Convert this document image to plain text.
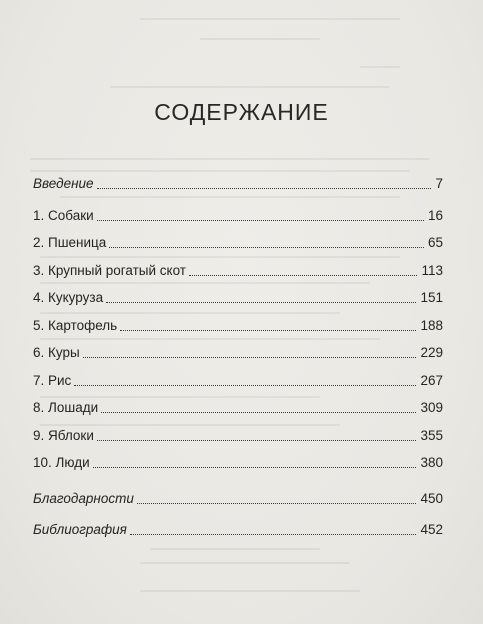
СОДЕРЖАНИЕ
Введение	7
1. Собаки	16
2. Пшеница	65
3. Крупный рогатый скот	113
4. Кукуруза	151
5. Картофель	188
6. Куры	229
7. Рис	267
8. Лошади	309
9. Яблоки	355
10. Люди	380
Благодарности	450
Библиография	452
